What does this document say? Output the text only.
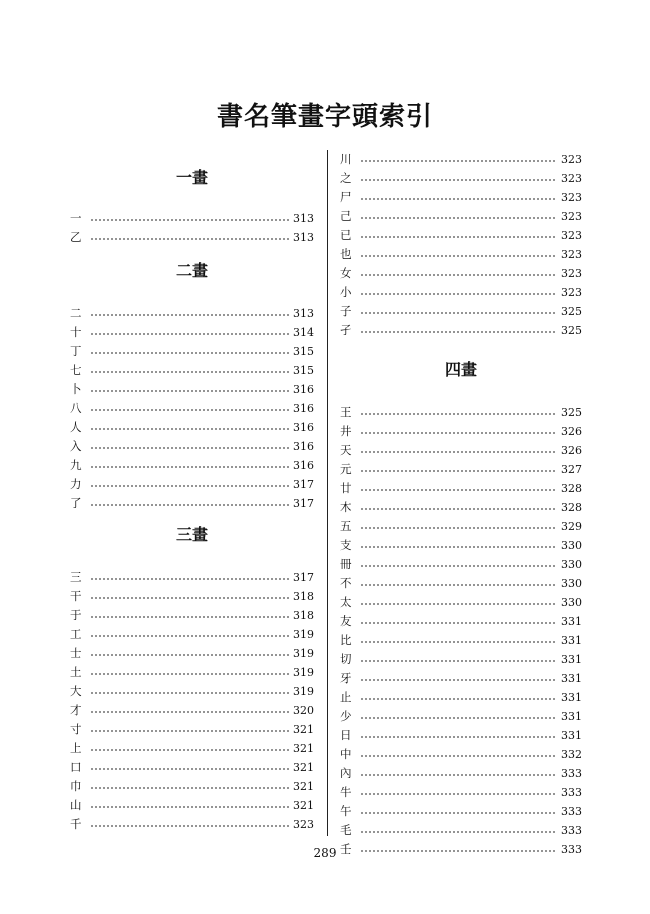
書名筆畫字頭索引
一畫
一	313
乙	313
二畫
二	313
十	314
丁	315
七	315
卜	316
八	316
人	316
入	316
九	316
力	317
了	317
三畫
三	317
干	318
于	318
工	319
士	319
土	319
大	319
才	320
寸	321
上	321
口	321
巾	321
山	321
千	323
川	323
之	323
尸	323
己	323
已	323
也	323
女	323
小	323
子	325
孑	325
四畫
王	325
井	326
天	326
元	327
廿	328
木	328
五	329
支	330
冊	330
不	330
太	330
友	331
比	331
切	331
牙	331
止	331
少	331
日	331
中	332
內	333
牛	333
午	333
毛	333
壬	333
289
